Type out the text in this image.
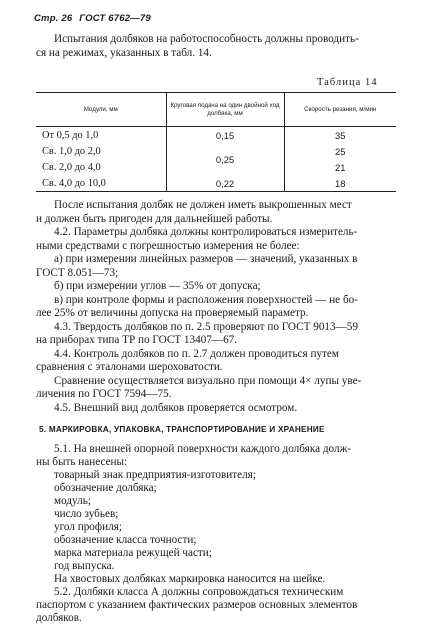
Стр. 26 ГОСТ 6762—79
Испытания долбяков на работоспособность должны проводить-
ся на режимах, указанных в табл. 14.
Таблица 14
Модули, мм	Круговая подача на один двойной ход долбяка, мм	Скорость резания, м/мин
От 0,5 до 1,0	0,15	35
Св. 1,0 до 2,0	0,25	25
Св. 2,0 до 4,0		21
Св. 4,0 до 10,0	0,22	18
После испытания долбяк не должен иметь выкрошенных мест
и должен быть пригоден для дальнейшей работы.
4.2. Параметры долбяка должны контролироваться измеритель-
ными средствами с погрешностью измерения не более:
а) при измерении линейных размеров — значений, указанных в
ГОСТ 8.051—73;
б) при измерении углов — 35% от допуска;
в) при контроле формы и расположения поверхностей — не бо-
лее 25% от величины допуска на проверяемый параметр.
4.3. Твердость долбяков по п. 2.5 проверяют по ГОСТ 9013—59
на приборах типа ТР по ГОСТ 13407—67.
4.4. Контроль долбяков по п. 2.7 должен проводиться путем
сравнения с эталонами шероховатости.
Сравнение осуществляется визуально при помощи 4× лупы уве-
личения по ГОСТ 7594—75.
4.5. Внешний вид долбяков проверяется осмотром.
5. МАРКИРОВКА, УПАКОВКА, ТРАНСПОРТИРОВАНИЕ И ХРАНЕНИЕ
5.1. На внешней опорной поверхности каждого долбяка долж-
ны быть нанесены:
товарный знак предприятия-изготовителя;
обозначение долбяка;
модуль;
число зубьев;
угол профиля;
обозначение класса точности;
марка материала режущей части;
год выпуска.
На хвостовых долбяках маркировка наносится на шейке.
5.2. Долбяки класса А должны сопровождаться техническим
паспортом с указанием фактических размеров основных элементов
долбяков.
